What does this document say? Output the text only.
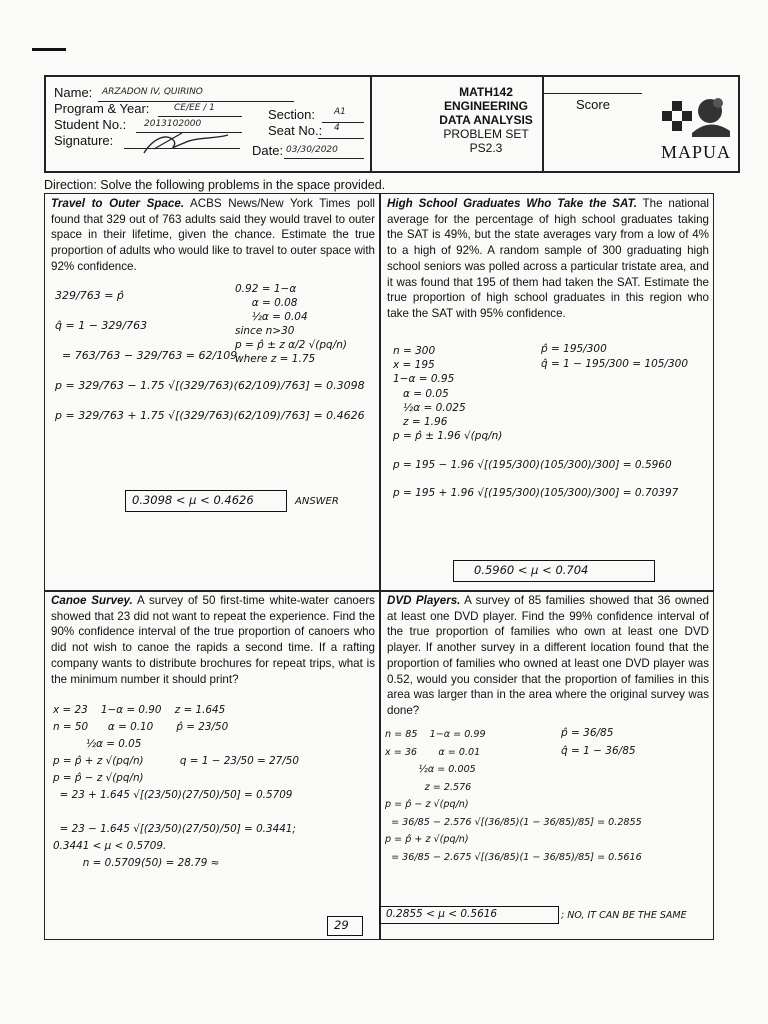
Name: ARZADON IV, QUIRINO
Program & Year:	CE/EE / 1	Section: A1
Student No.: 2013102000	Seat No.: 4
Signature:
Date: 03/30/2020
MATH142
ENGINEERING
DATA ANALYSIS
PROBLEM SET
PS2.3
Score
MAPUA
Direction: Solve the following problems in the space provided.
Travel to Outer Space. ACBS News/New York Times poll found that 329 out of 763 adults said they would travel to outer space in their lifetime, given the chance. Estimate the true proportion of adults who would like to travel to outer space with 92% confidence.
329/763 = p̂

q̂ = 1 − 329/763

= 763/763 − 329/763 = 62/109

p = 329/763 − 1.75 √[(329/763)(62/109)/763] = 0.3098

p = 329/763 + 1.75 √[(329/763)(62/109)/763] = 0.4626
0.92 = 1−α
α = 0.08
½α = 0.04
since n>30
p = p̂ ± z α/2 √(pq/n)
where z = 1.75
0.3098 < μ < 0.4626	ANSWER
High School Graduates Who Take the SAT. The national average for the percentage of high school graduates taking the SAT is 49%, but the state averages vary from a low of 4% to a high of 92%. A random sample of 300 graduating high school seniors was polled across a particular tristate area, and it was found that 195 of them had taken the SAT. Estimate the true proportion of high school graduates in this region who take the SAT with 95% confidence.
n = 300
x = 195
1−α = 0.95
α = 0.05
½α = 0.025
z = 1.96
p = p̂ ± 1.96 √(pq/n)

p = 195 − 1.96 √[(195/300)(105/300)/300] = 0.5960

p = 195 + 1.96 √[(195/300)(105/300)/300] = 0.70397
p̂ = 195/300
q̂ = 1 − 195/300 = 105/300
0.5960 < μ < 0.704
Canoe Survey. A survey of 50 first-time white-water canoers showed that 23 did not want to repeat the experience. Find the 90% confidence interval of the true proportion of canoers who did not wish to canoe the rapids a second time. If a rafting company wants to distribute brochures for repeat trips, what is the minimum number it should print?
x = 23    1−α = 0.90    z = 1.645
n = 50      α = 0.10       p̂ = 23/50
½α = 0.05
p = p̂ + z √(pq/n)           q = 1 − 23/50 = 27/50
p = p̂ − z √(pq/n)
= 23 + 1.645 √[(23/50)(27/50)/50] = 0.5709

= 23 − 1.645 √[(23/50)(27/50)/50] = 0.3441;
0.3441 < μ < 0.5709.
n = 0.5709(50) = 28.79 ≈
29
DVD Players. A survey of 85 families showed that 36 owned at least one DVD player. Find the 99% confidence interval of the true proportion of families who own at least one DVD player. If another survey in a different location found that the proportion of families who owned at least one DVD player was 0.52, would you consider that the proportion of families in this area was larger than in the area where the original survey was done?
n = 85    1−α = 0.99
x = 36       α = 0.01
½α = 0.005
z = 2.576
p = p̂ − z √(pq/n)
= 36/85 − 2.576 √[(36/85)(1 − 36/85)/85] = 0.2855
p = p̂ + z √(pq/n)
= 36/85 − 2.675 √[(36/85)(1 − 36/85)/85] = 0.5616
p̂ = 36/85
q̂ = 1 − 36/85
0.2855 < μ < 0.5616	; NO, IT CAN BE THE SAME
